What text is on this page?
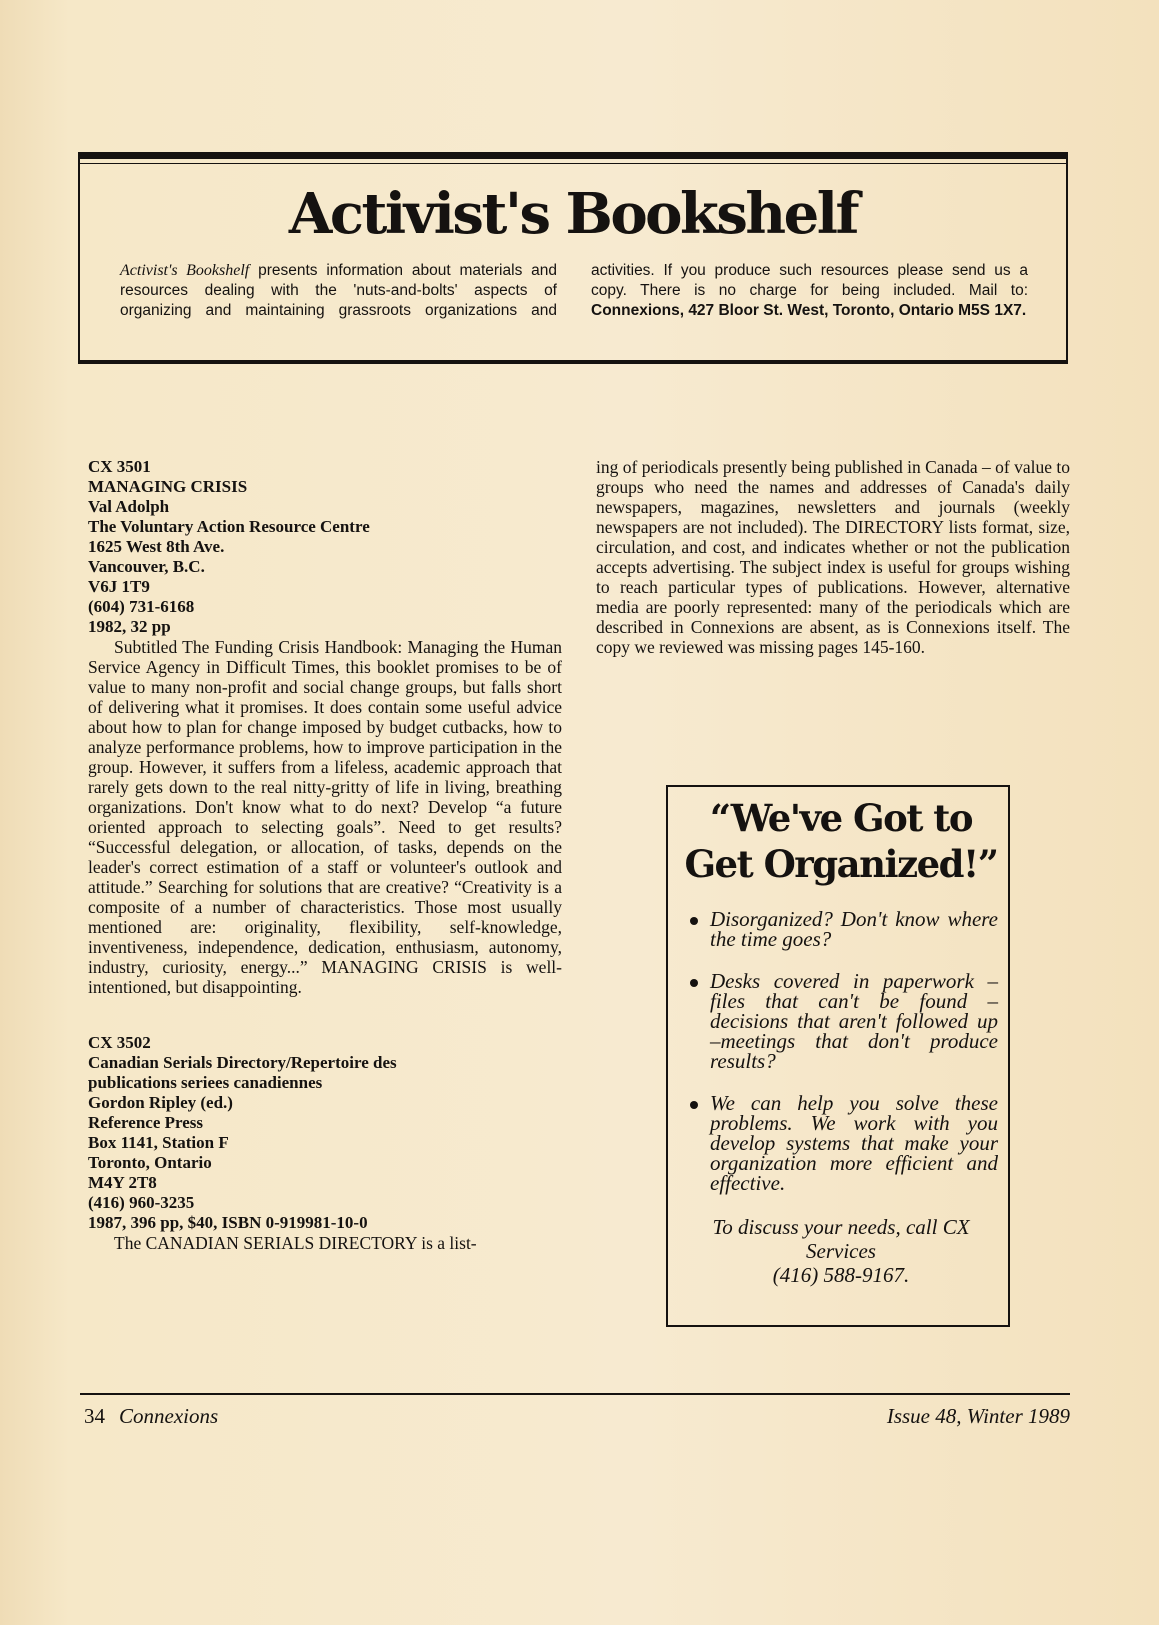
Activist's Bookshelf
Activist's Bookshelf presents information about materials and resources dealing with the 'nuts-and-bolts' aspects of organizing and maintaining grassroots organizations and activities. If you produce such resources please send us a copy. There is no charge for being included. Mail to: Connexions, 427 Bloor St. West, Toronto, Ontario M5S 1X7.
CX 3501
MANAGING CRISIS
Val Adolph
The Voluntary Action Resource Centre
1625 West 8th Ave.
Vancouver, B.C.
V6J 1T9
(604) 731-6168
1982, 32 pp

Subtitled The Funding Crisis Handbook: Managing the Human Service Agency in Difficult Times, this booklet promises to be of value to many non-profit and social change groups, but falls short of delivering what it promises. It does contain some useful advice about how to plan for change imposed by budget cutbacks, how to analyze performance problems, how to improve participation in the group. However, it suffers from a lifeless, academic approach that rarely gets down to the real nitty-gritty of life in living, breathing organizations. Don't know what to do next? Develop “a future oriented approach to selecting goals”. Need to get results? “Successful delegation, or allocation, of tasks, depends on the leader's correct estimation of a staff or volunteer's outlook and attitude.” Searching for solutions that are creative? “Creativity is a composite of a number of characteristics. Those most usually mentioned are: originality, flexibility, self-knowledge, inventiveness, independence, dedication, enthusiasm, autonomy, industry, curiosity, energy...” MANAGING CRISIS is well-intentioned, but disappointing.

CX 3502
Canadian Serials Directory/Repertoire des
publications seriees canadiennes
Gordon Ripley (ed.)
Reference Press
Box 1141, Station F
Toronto, Ontario
M4Y 2T8
(416) 960-3235
1987, 396 pp, $40, ISBN 0-919981-10-0

The CANADIAN SERIALS DIRECTORY is a list-

ing of periodicals presently being published in Canada – of value to groups who need the names and addresses of Canada's daily newspapers, magazines, newsletters and journals (weekly newspapers are not included). The DIRECTORY lists format, size, circulation, and cost, and indicates whether or not the publication accepts advertising. The subject index is useful for groups wishing to reach particular types of publications. However, alternative media are poorly represented: many of the periodicals which are described in Connexions are absent, as is Connexions itself. The copy we reviewed was missing pages 145-160.

“We've Got to Get Organized!”
Disorganized? Don't know where the time goes?
Desks covered in paperwork – files that can't be found – decisions that aren't followed up –meetings that don't produce results?
We can help you solve these problems. We work with you develop systems that make your organization more efficient and effective.
To discuss your needs, call CX Services
(416) 588-9167.
34 Connexions	Issue 48, Winter 1989
